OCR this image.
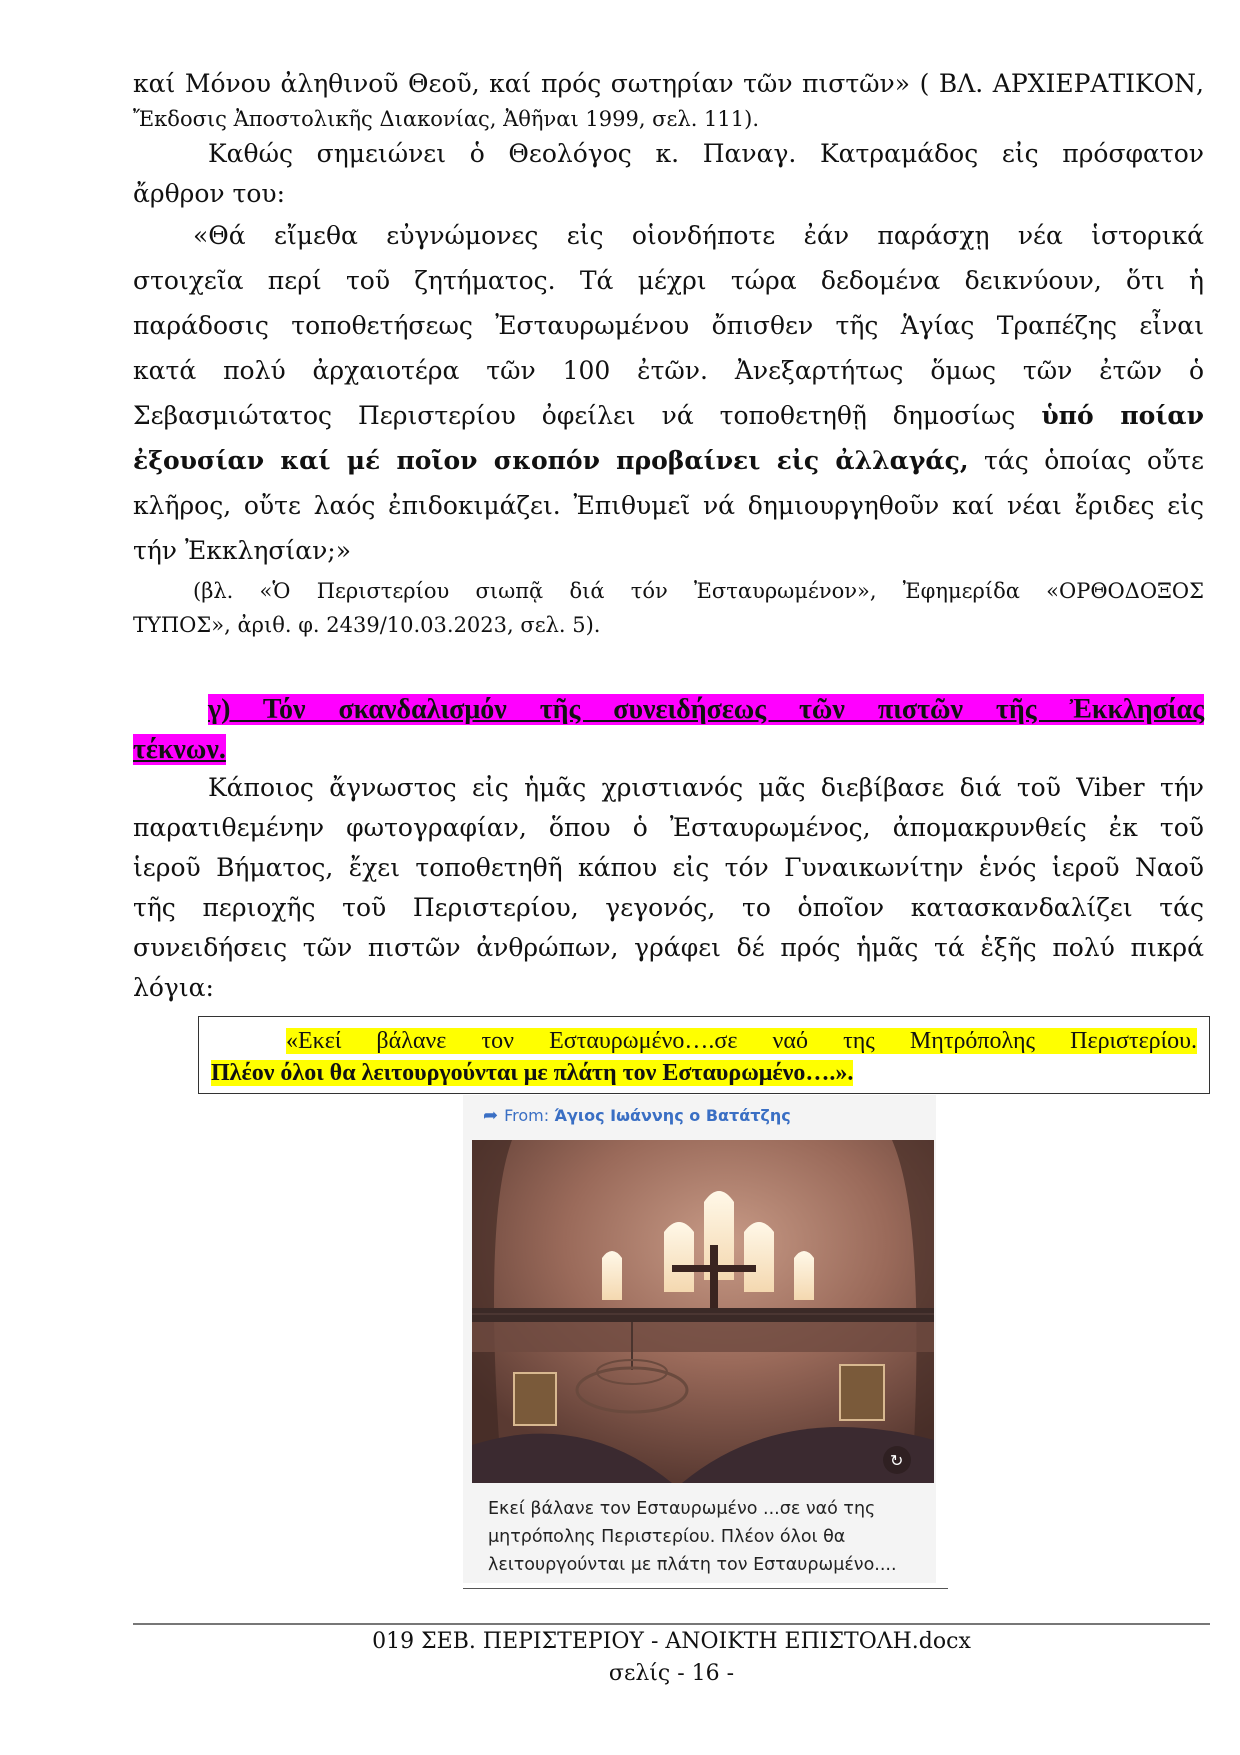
καί Μόνου ἀληθινοῦ Θεοῦ, καί πρός σωτηρίαν τῶν πιστῶν» ( ΒΛ. ΑΡΧΙΕΡΑΤΙΚΟΝ,

Ἔκδοσις Ἀποστολικῆς Διακονίας, Ἀθῆναι 1999, σελ. 111).

Καθώς σημειώνει ὁ Θεολόγος κ. Παναγ. Κατραμάδος εἰς πρόσφατον

ἄρθρον του:

«Θά εἴμεθα εὐγνώμονες εἰς οἱονδήποτε ἐάν παράσχῃ νέα ἱστορικά

στοιχεῖα περί τοῦ ζητήματος. Τά μέχρι τώρα δεδομένα δεικνύουν, ὅτι ἡ

παράδοσις τοποθετήσεως Ἐσταυρωμένου ὄπισθεν τῆς Ἁγίας Τραπέζης εἶναι

κατά πολύ ἀρχαιοτέρα τῶν 100 ἐτῶν. Ἀνεξαρτήτως ὅμως τῶν ἐτῶν ὁ

Σεβασμιώτατος Περιστερίου ὀφείλει νά τοποθετηθῇ δημοσίως ὑπό ποίαν

ἐξουσίαν καί μέ ποῖον σκοπόν προβαίνει εἰς ἀλλαγάς, τάς ὁποίας οὔτε

κλῆρος, οὔτε λαός ἐπιδοκιμάζει. Ἐπιθυμεῖ νά δημιουργηθοῦν καί νέαι ἔριδες εἰς

τήν Ἐκκλησίαν;»

(βλ. «Ὁ Περιστερίου σιωπᾷ διά τόν Ἐσταυρωμένον», Ἐφημερίδα «ΟΡΘΟΔΟΞΟΣ

ΤΥΠΟΣ», ἀριθ. φ. 2439/10.03.2023, σελ. 5).

γ) Τόν σκανδαλισμόν τῆς συνειδήσεως τῶν πιστῶν τῆς Ἐκκλησίας

τέκνων.

Κάποιος ἄγνωστος εἰς ἡμᾶς χριστιανός μᾶς διεβίβασε διά τοῦ Viber τήν

παρατιθεμένην φωτογραφίαν, ὅπου ὁ Ἐσταυρωμένος, ἀπομακρυνθείς ἐκ τοῦ

ἱεροῦ Βήματος, ἔχει τοποθετηθῆ κάπου εἰς τόν Γυναικωνίτην ἑνός ἱεροῦ Ναοῦ

τῆς περιοχῆς τοῦ Περιστερίου, γεγονός, το ὁποῖον κατασκανδαλίζει τάς

συνειδήσεις τῶν πιστῶν ἀνθρώπων, γράφει δέ πρός ἡμᾶς τά ἑξῆς πολύ πικρά

λόγια:

«Εκεί βάλανε τον Εσταυρωμένο….σε ναό της Μητρόπολης Περιστερίου.

Πλέον όλοι θα λειτουργούνται με πλάτη τον Εσταυρωμένο….».

➦ From: Άγιος Ιωάννης ο Βατάτζης
↻
Εκεί βάλανε τον Εσταυρωμένο ...σε ναό της
μητρόπολης Περιστερίου. Πλέον όλοι θα
λειτουργούνται με πλάτη τον Εσταυρωμένο....
019 ΣΕΒ. ΠΕΡΙΣΤΕΡΙΟΥ - ΑΝΟΙΚΤΗ ΕΠΙΣΤΟΛΗ.docx
σελίς - 16 -
